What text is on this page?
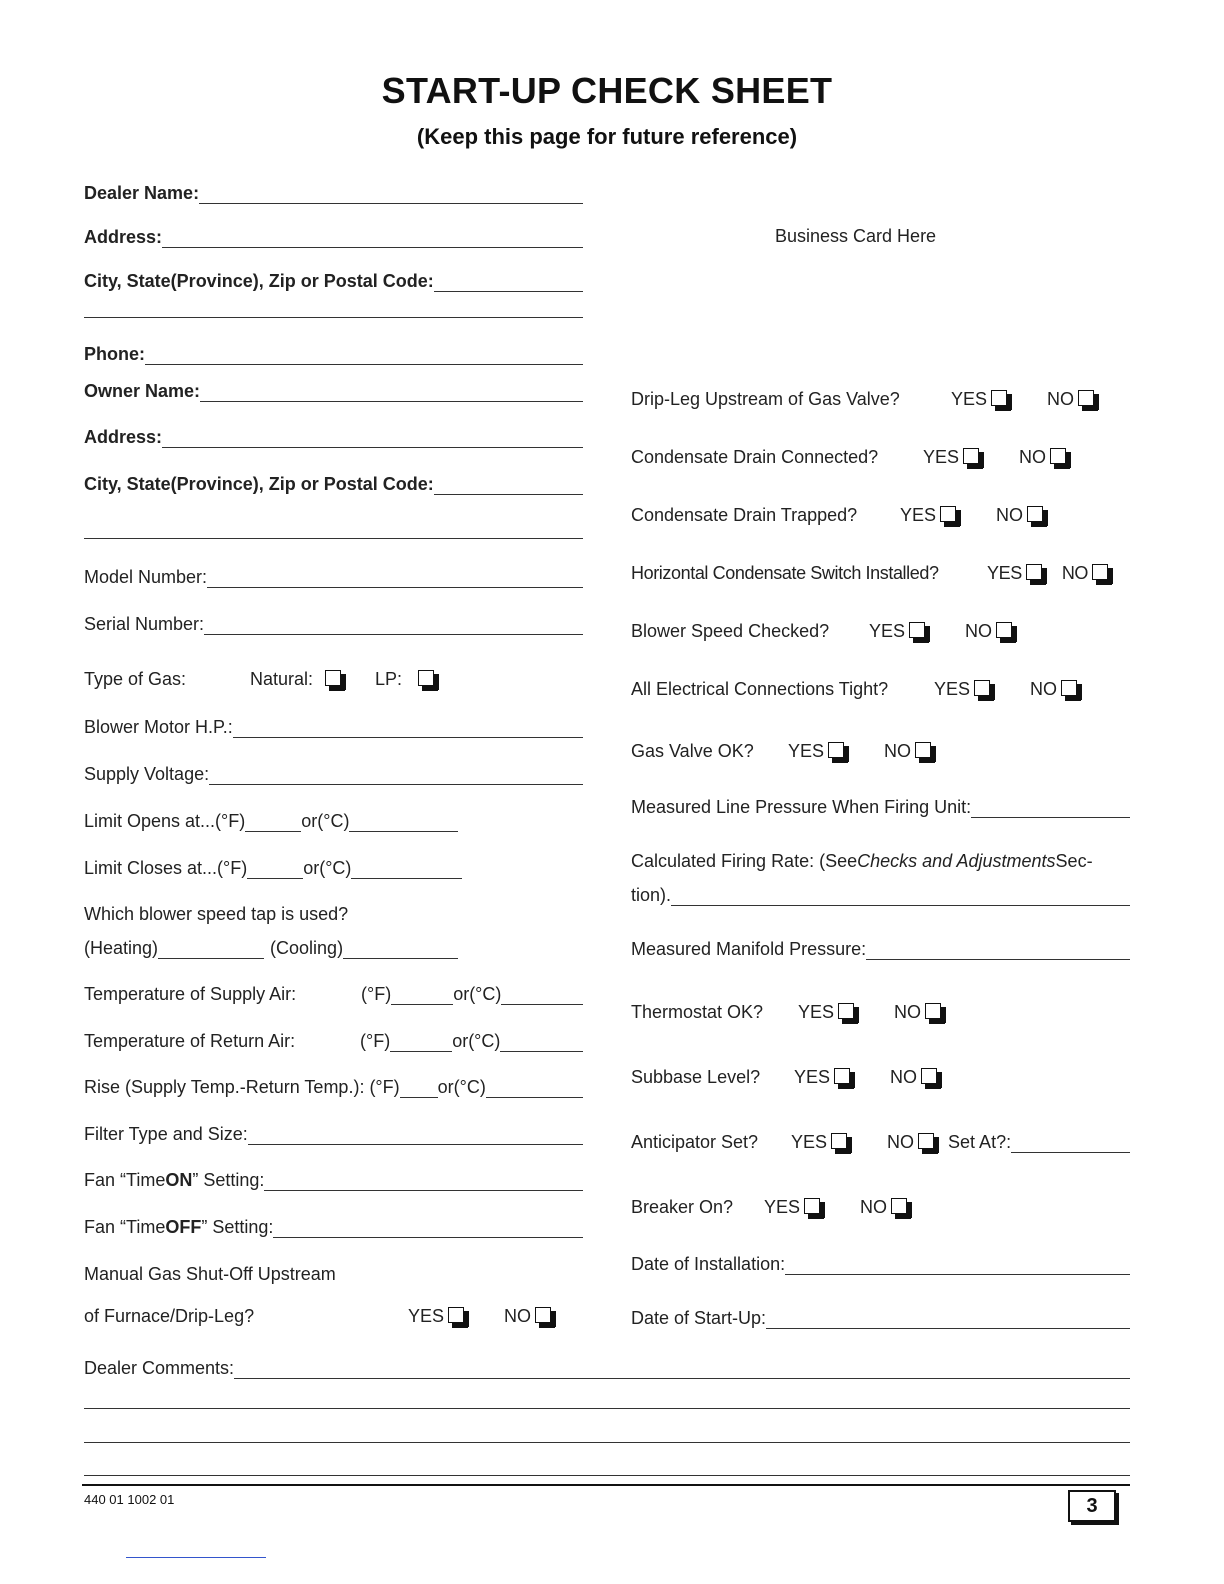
START-UP CHECK SHEET
(Keep this page for future reference)
Business Card Here
Dealer Name:
Address:
City, State(Province), Zip or Postal Code:
Phone:
Owner Name:
Address:
City, State(Province), Zip or Postal Code:
Model Number:
Serial Number:
Type of Gas:	Natural:	LP:
Blower Motor H.P.:
Supply Voltage:
Limit Opens at...(°F)	or(°C)
Limit Closes at...(°F)	or(°C)
Which blower speed tap is used?
(Heating)	(Cooling)
Temperature of Supply Air:	(°F)	or(°C)
Temperature of Return Air:	(°F)	or(°C)
Rise (Supply Temp.-Return Temp.): (°F) or(°C)
Filter Type and Size:
Fan “Time ON ” Setting:
Fan “Time OFF ” Setting:
Manual Gas Shut-Off Upstream
of Furnace/Drip-Leg?	YES	NO
Drip-Leg Upstream of Gas Valve?	YES	NO
Condensate Drain Connected?	YES	NO
Condensate Drain Trapped?	YES	NO
Horizontal Condensate Switch Installed?	YES NO
Blower Speed Checked?	YES	NO
All Electrical Connections Tight?	YES	NO
Gas Valve OK?	YES	NO
Measured Line Pressure When Firing Unit:
Calculated Firing Rate: (See Checks and Adjustments Sec-
tion).
Measured Manifold Pressure:
Thermostat OK?	YES	NO
Subbase Level?	YES	NO
Anticipator Set?	YES	NO Set At?:
Breaker On?	YES	NO
Date of Installation:
Date of Start-Up:
Dealer Comments:
440 01 1002 01	3
